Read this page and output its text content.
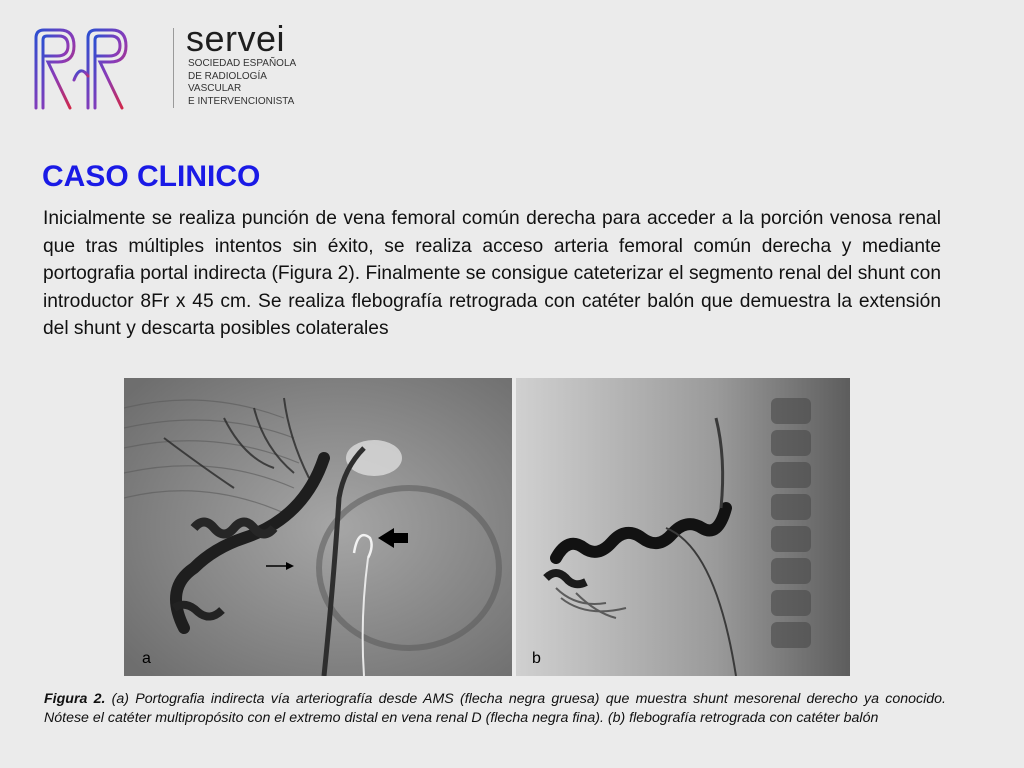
servei
SOCIEDAD ESPAÑOLA
DE RADIOLOGÍA
VASCULAR
E INTERVENCIONISTA
CASO CLINICO
Inicialmente se realiza punción de vena femoral común derecha para acceder a la porción venosa renal que tras múltiples intentos sin éxito, se realiza acceso arteria femoral común derecha y mediante portografia portal indirecta (Figura 2). Finalmente se consigue cateterizar el segmento renal del shunt con introductor 8Fr x 45 cm. Se realiza flebografía retrograda con catéter balón que demuestra la extensión del shunt y descarta posibles colaterales
a	b
Figura 2. (a) Portografia indirecta vía arteriografía desde AMS (flecha negra gruesa) que muestra shunt mesorenal derecho ya conocido. Nótese el catéter multipropósito con el extremo distal en vena renal D (flecha negra fina). (b) flebografía retrograda con catéter balón
